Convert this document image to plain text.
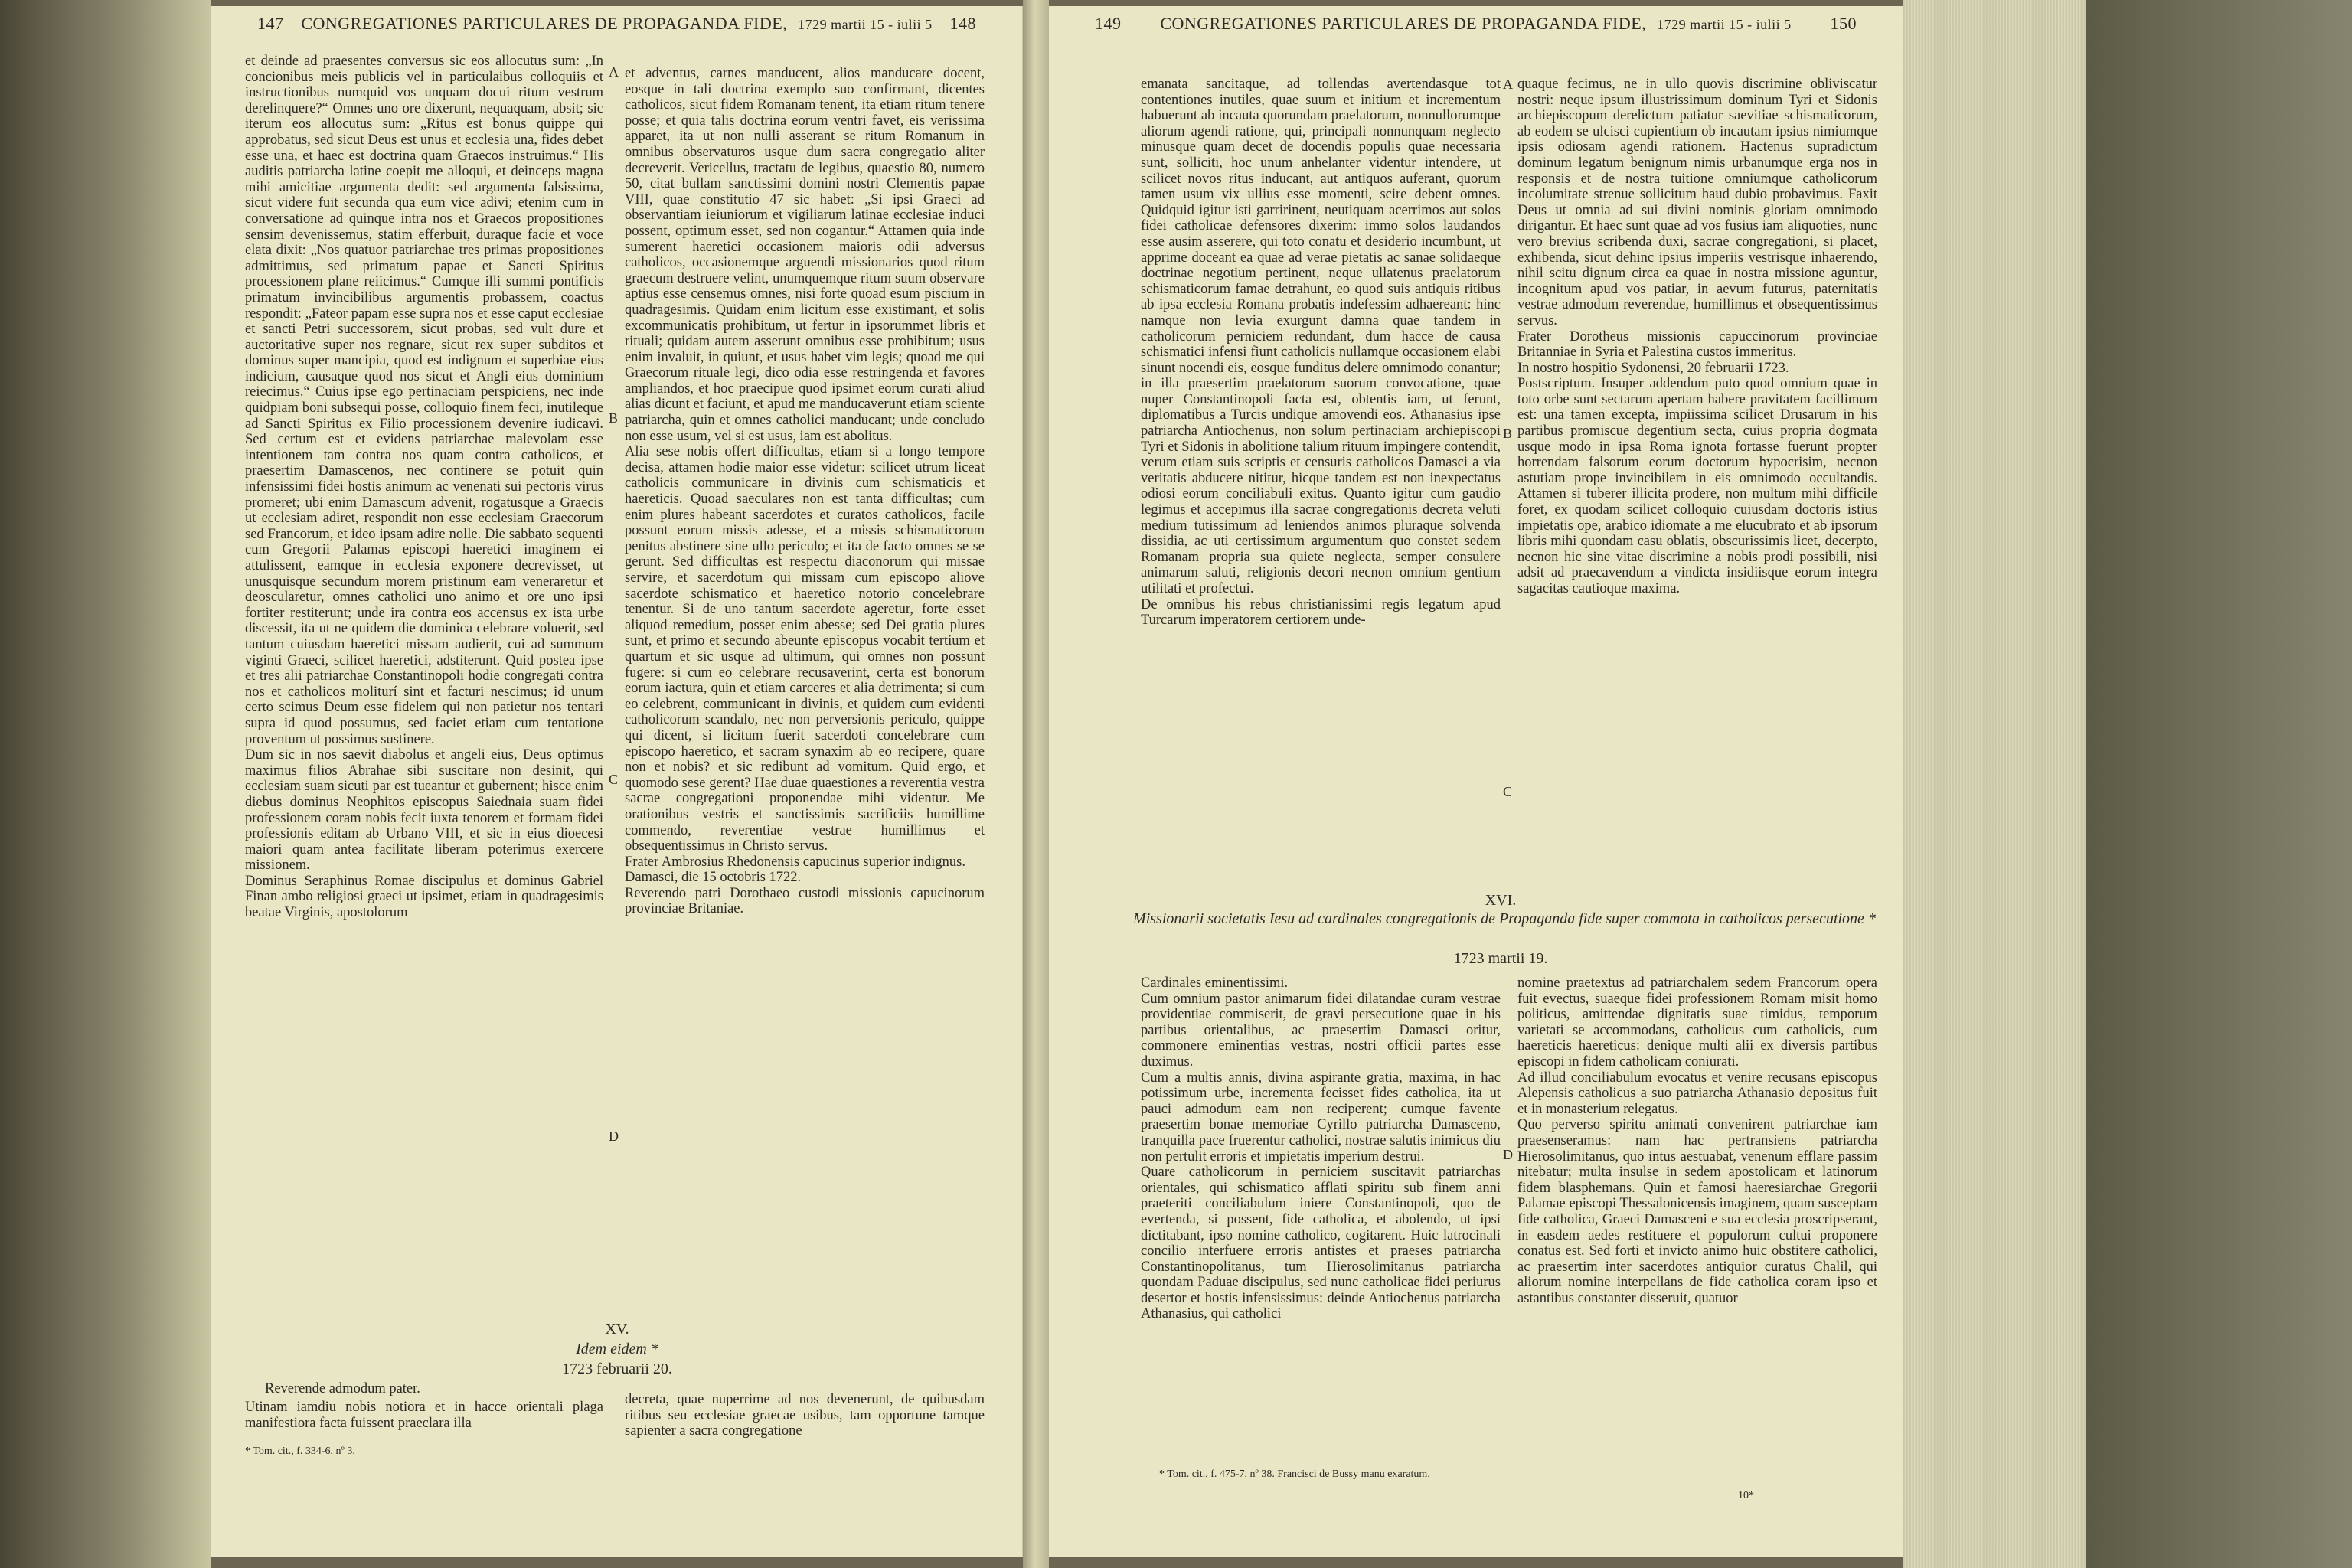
147	CONGREGATIONES PARTICULARES DE PROPAGANDA FIDE, 1729 martii 15 - iulii 5	148
et deinde ad praesentes conversus sic eos allocutus sum: „In concionibus meis publicis vel in particulaibus colloquiis et instructionibus numquid vos unquam docui ritum vestrum derelinquere?“ Omnes uno ore dixerunt, nequaquam, absit; sic iterum eos allocutus sum: „Ritus est bonus quippe qui approbatus, sed sicut Deus est unus et ecclesia una, fides debet esse una, et haec est doctrina quam Graecos instruimus.“ His auditis patriarcha latine coepit me alloqui, et deinceps magna mihi amicitiae argumenta dedit: sed argumenta falsissima, sicut videre fuit secunda qua eum vice adivi; etenim cum in conversatione ad quinque intra nos et Graecos propositiones sensim devenissemus, statim efferbuit, duraque facie et voce elata dixit: „Nos quatuor patriarchae tres primas propositiones admittimus, sed primatum papae et Sancti Spiritus processionem plane reiicimus.“ Cumque illi summi pontificis primatum invincibilibus argumentis probassem, coactus respondit: „Fateor papam esse supra nos et esse caput ecclesiae et sancti Petri successorem, sicut probas, sed vult dure et auctoritative super nos regnare, sicut rex super subditos et dominus super mancipia, quod est indignum et superbiae eius indicium, causaque quod nos sicut et Angli eius dominium reiecimus.“ Cuius ipse ego pertinaciam perspiciens, nec inde quidpiam boni subsequi posse, colloquio finem feci, inutileque ad Sancti Spiritus ex Filio processionem devenire iudicavi. Sed certum est et evidens patriarchae malevolam esse intentionem tam contra nos quam contra catholicos, et praesertim Damascenos, nec continere se potuit quin infensissimi fidei hostis animum ac venenati sui pectoris virus promeret; ubi enim Damascum advenit, rogatusque a Graecis ut ecclesiam adiret, respondit non esse ecclesiam Graecorum sed Francorum, et ideo ipsam adire nolle. Die sabbato sequenti cum Gregorii Palamas episcopi haeretici imaginem ei attulissent, eamque in ecclesia exponere decrevisset, ut unusquisque secundum morem pristinum eam veneraretur et deoscularetur, omnes catholici uno animo et ore uno ipsi fortiter restiterunt; unde ira contra eos accensus ex ista urbe discessit, ita ut ne quidem die dominica celebrare voluerit, sed tantum cuiusdam haeretici missam audierit, cui ad summum viginti Graeci, scilicet haeretici, adstiterunt. Quid postea ipse et tres alii patriarchae Constantinopoli hodie congregati contra nos et catholicos moliturí sint et facturi nescimus; id unum certo scimus Deum esse fidelem qui non patietur nos tentari supra id quod possumus, sed faciet etiam cum tentatione proventum ut possimus sustinere.
Dum sic in nos saevit diabolus et angeli eius, Deus optimus maximus filios Abrahae sibi suscitare non desinit, qui ecclesiam suam sicuti par est tueantur et gubernent; hisce enim diebus dominus Neophitos episcopus Saiednaia suam fidei professionem coram nobis fecit iuxta tenorem et formam fidei professionis editam ab Urbano VIII, et sic in eius dioecesi maiori quam antea facilitate liberam poterimus exercere missionem.
Dominus Seraphinus Romae discipulus et dominus Gabriel Finan ambo religiosi graeci ut ipsimet, etiam in quadragesimis beatae Virginis, apostolorum
et adventus, carnes manducent, alios manducare docent, eosque in tali doctrina exemplo suo confirmant, dicentes catholicos, sicut fidem Romanam tenent, ita etiam ritum tenere posse; et quia talis doctrina eorum ventri favet, eis verissima apparet, ita ut non nulli asserant se ritum Romanum in omnibus observaturos usque dum sacra congregatio aliter decreverit. Vericellus, tractatu de legibus, quaestio 80, numero 50, citat bullam sanctissimi domini nostri Clementis papae VIII, quae constitutio 47 sic habet: „Si ipsi Graeci ad observantiam ieiuniorum et vigiliarum latinae ecclesiae induci possent, optimum esset, sed non cogantur.“ Attamen quia inde sumerent haeretici occasionem maioris odii adversus catholicos, occasionemque arguendi missionarios quod ritum graecum destruere velint, unumquemque ritum suum observare aptius esse censemus omnes, nisi forte quoad esum piscium in quadragesimis. Quidam enim licitum esse existimant, et solis excommunicatis prohibitum, ut fertur in ipsorummet libris et rituali; quidam autem asserunt omnibus esse prohibitum; usus enim invaluit, in quiunt, et usus habet vim legis; quoad me qui Graecorum rituale legi, dico odia esse restringenda et favores ampliandos, et hoc praecipue quod ipsimet eorum curati aliud alias dicunt et faciunt, et apud me manducaverunt etiam sciente patriarcha, quin et omnes catholici manducant; unde concludo non esse usum, vel si est usus, iam est abolitus.
Alia sese nobis offert difficultas, etiam si a longo tempore decisa, attamen hodie maior esse videtur: scilicet utrum liceat catholicis communicare in divinis cum schismaticis et haereticis. Quoad saeculares non est tanta difficultas; cum enim plures habeant sacerdotes et curatos catholicos, facile possunt eorum missis adesse, et a missis schismaticorum penitus abstinere sine ullo periculo; et ita de facto omnes se se gerunt. Sed difficultas est respectu diaconorum qui missae servire, et sacerdotum qui missam cum episcopo aliove sacerdote schismatico et haeretico notorio concelebrare tenentur. Si de uno tantum sacerdote ageretur, forte esset aliquod remedium, posset enim abesse; sed Dei gratia plures sunt, et primo et secundo abeunte episcopus vocabit tertium et quartum et sic usque ad ultimum, qui omnes non possunt fugere: si cum eo celebrare recusaverint, certa est bonorum eorum iactura, quin et etiam carceres et alia detrimenta; si cum eo celebrent, communicant in divinis, et quidem cum evidenti catholicorum scandalo, nec non perversionis periculo, quippe qui dicent, si licitum fuerit sacerdoti concelebrare cum episcopo haeretico, et sacram synaxim ab eo recipere, quare non et nobis? et sic redibunt ad vomitum. Quid ergo, et quomodo sese gerent? Hae duae quaestiones a reverentia vestra sacrae congregationi proponendae mihi videntur. Me orationibus vestris et sanctissimis sacrificiis humillime commendo, reverentiae vestrae humillimus et obsequentissimus in Christo servus.
Frater Ambrosius Rhedonensis capucinus superior indignus.
Damasci, die 15 octobris 1722.
Reverendo patri Dorothaeo custodi missionis capucinorum provinciae Britaniae.
A
B
C
D
XV.
Idem eidem *
1723 februarii 20.
Reverende admodum pater.
Utinam iamdiu nobis notiora et in hacce orientali plaga manifestiora facta fuissent praeclara illa
decreta, quae nuperrime ad nos devenerunt, de quibusdam ritibus seu ecclesiae graecae usibus, tam opportune tamque sapienter a sacra congregatione
* Tom. cit., f. 334-6, nº 3.
149	CONGREGATIONES PARTICULARES DE PROPAGANDA FIDE, 1729 martii 15 - iulii 5	150
emanata sancitaque, ad tollendas avertendasque tot contentiones inutiles, quae suum et initium et incrementum habuerunt ab incauta quorundam praelatorum, nonnullorumque aliorum agendi ratione, qui, principali nonnunquam neglecto minusque quam decet de docendis populis quae necessaria sunt, solliciti, hoc unum anhelanter videntur intendere, ut scilicet novos ritus inducant, aut antiquos auferant, quorum tamen usum vix ullius esse momenti, scire debent omnes. Quidquid igitur isti garririnent, neutiquam acerrimos aut solos fidei catholicae defensores dixerim: immo solos laudandos esse ausim asserere, qui toto conatu et desiderio incumbunt, ut apprime doceant ea quae ad verae pietatis ac sanae solidaeque doctrinae negotium pertinent, neque ullatenus praelatorum schismaticorum famae detrahunt, eo quod suis antiquis ritibus ab ipsa ecclesia Romana probatis indefessim adhaereant: hinc namque non levia exurgunt damna quae tandem in catholicorum perniciem redundant, dum hacce de causa schismatici infensi fiunt catholicis nullamque occasionem elabi sinunt nocendi eis, eosque funditus delere omnimodo conantur; in illa praesertim praelatorum suorum convocatione, quae nuper Constantinopoli facta est, obtentis iam, ut ferunt, diplomatibus a Turcis undique amovendi eos. Athanasius ipse patriarcha Antiochenus, non solum pertinaciam archiepiscopi Tyri et Sidonis in abolitione talium rituum impingere contendit, verum etiam suis scriptis et censuris catholicos Damasci a via veritatis abducere nititur, hicque tandem est non inexpectatus odiosi eorum conciliabuli exitus. Quanto igitur cum gaudio legimus et accepimus illa sacrae congregationis decreta veluti medium tutissimum ad leniendos animos pluraque solvenda dissidia, ac uti certissimum argumentum quo constet sedem Romanam propria sua quiete neglecta, semper consulere animarum saluti, religionis decori necnon omnium gentium utilitati et profectui.
De omnibus his rebus christianissimi regis legatum apud Turcarum imperatorem certiorem unde-
quaque fecimus, ne in ullo quovis discrimine obliviscatur nostri: neque ipsum illustrissimum dominum Tyri et Sidonis archiepiscopum derelictum patiatur saevitiae schismaticorum, ab eodem se ulcisci cupientium ob incautam ipsius nimiumque ipsis odiosam agendi rationem. Hactenus supradictum dominum legatum benignum nimis urbanumque erga nos in responsis et de nostra tuitione omniumque catholicorum incolumitate strenue sollicitum haud dubio probavimus. Faxit Deus ut omnia ad sui divini nominis gloriam omnimodo dirigantur. Et haec sunt quae ad vos fusius iam aliquoties, nunc vero brevius scribenda duxi, sacrae congregationi, si placet, exhibenda, sicut dehinc ipsius imperiis vestrisque inhaerendo, nihil scitu dignum circa ea quae in nostra missione aguntur, incognitum apud vos patiar, in aevum futurus, paternitatis vestrae admodum reverendae, humillimus et obsequentissimus servus.
Frater Dorotheus missionis capuccinorum provinciae Britanniae in Syria et Palestina custos immeritus.
In nostro hospitio Sydonensi, 20 februarii 1723.
Postscriptum. Insuper addendum puto quod omnium quae in toto orbe sunt sectarum apertam habere pravitatem facillimum est: una tamen excepta, impiissima scilicet Drusarum in his partibus promiscue degentium secta, cuius propria dogmata usque modo in ipsa Roma ignota fortasse fuerunt propter horrendam falsorum eorum doctorum hypocrisim, necnon astutiam prope invincibilem in eis omnimodo occultandis. Attamen si tuberer illicita prodere, non multum mihi difficile foret, ex quodam scilicet colloquio cuiusdam doctoris istius impietatis ope, arabico idiomate a me elucubrato et ab ipsorum libris mihi quondam casu oblatis, obscurissimis licet, decerpto, necnon hic sine vitae discrimine a nobis prodi possibili, nisi adsit ad praecavendum a vindicta insidiisque eorum integra sagacitas cautioque maxima.
A
B
C
D
XVI.
Missionarii societatis Iesu ad cardinales congregationis de Propaganda fide super commota in catholicos persecutione *
1723 martii 19.
Cardinales eminentissimi.
Cum omnium pastor animarum fidei dilatandae curam vestrae providentiae commiserit, de gravi persecutione quae in his partibus orientalibus, ac praesertim Damasci oritur, commonere eminentias vestras, nostri officii partes esse duximus.
Cum a multis annis, divina aspirante gratia, maxima, in hac potissimum urbe, incrementa fecisset fides catholica, ita ut pauci admodum eam non reciperent; cumque favente praesertim bonae memoriae Cyrillo patriarcha Damasceno, tranquilla pace fruerentur catholici, nostrae salutis inimicus diu non pertulit erroris et impietatis imperium destrui.
Quare catholicorum in perniciem suscitavit patriarchas orientales, qui schismatico afflati spiritu sub finem anni praeteriti conciliabulum iniere Constantinopoli, quo de evertenda, si possent, fide catholica, et abolendo, ut ipsi dictitabant, ipso nomine catholico, cogitarent. Huic latrocinali concilio interfuere erroris antistes et praeses patriarcha Constantinopolitanus, tum Hierosolimitanus patriarcha quondam Paduae discipulus, sed nunc catholicae fidei periurus desertor et hostis infensissimus: deinde Antiochenus patriarcha Athanasius, qui catholici
nomine praetextus ad patriarchalem sedem Francorum opera fuit evectus, suaeque fidei professionem Romam misit homo politicus, amittendae dignitatis suae timidus, temporum varietati se accommodans, catholicus cum catholicis, cum haereticis haereticus: denique multi alii ex diversis partibus episcopi in fidem catholicam coniurati.
Ad illud conciliabulum evocatus et venire recusans episcopus Alepensis catholicus a suo patriarcha Athanasio depositus fuit et in monasterium relegatus.
Quo perverso spiritu animati convenirent patriarchae iam praesenseramus: nam hac pertransiens patriarcha Hierosolimitanus, quo intus aestuabat, venenum efflare passim nitebatur; multa insulse in sedem apostolicam et latinorum fidem blasphemans. Quin et famosi haeresiarchae Gregorii Palamae episcopi Thessalonicensis imaginem, quam susceptam fide catholica, Graeci Damasceni e sua ecclesia proscripserant, in easdem aedes restituere et populorum cultui proponere conatus est. Sed forti et invicto animo huic obstitere catholici, ac praesertim inter sacerdotes antiquior curatus Chalil, qui aliorum nomine interpellans de fide catholica coram ipso et astantibus constanter disseruit, quatuor
* Tom. cit., f. 475-7, nº 38. Francisci de Bussy manu exaratum.
10*
